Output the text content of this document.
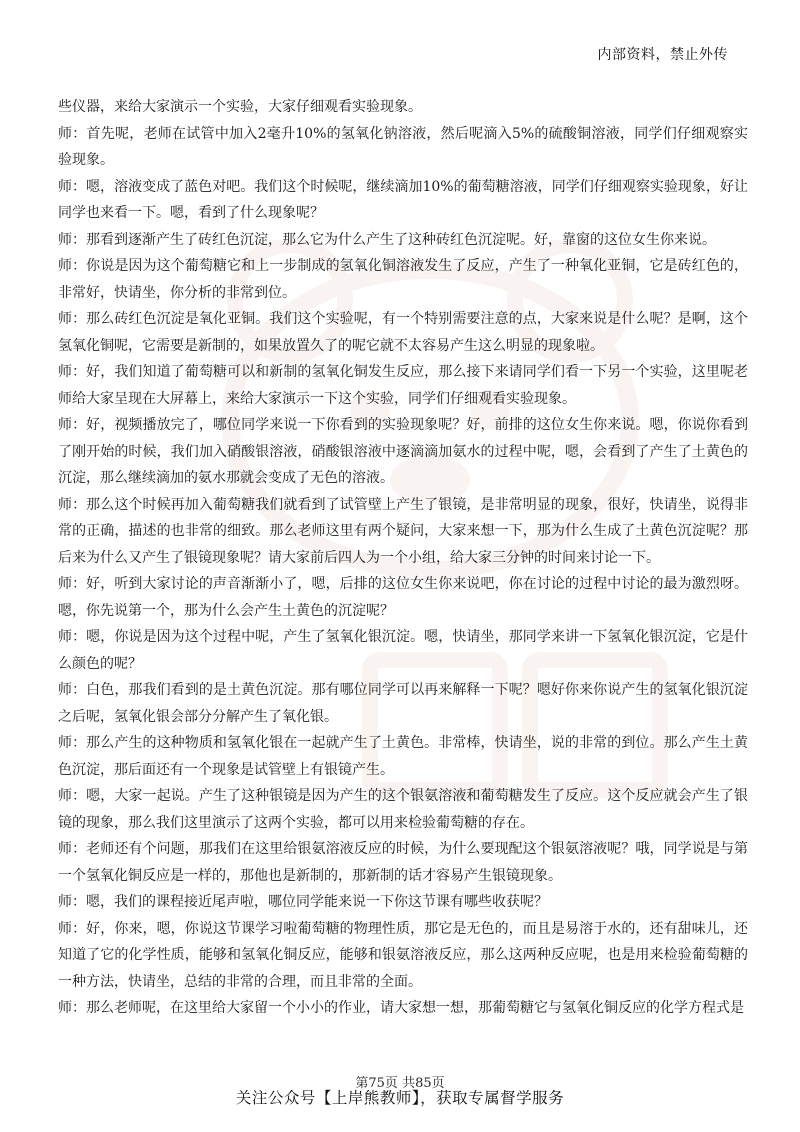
内部资料，禁止外传

些仪器，来给大家演示一个实验，大家仔细观看实验现象。

师：首先呢，老师在试管中加入2毫升10%的氢氧化钠溶液，然后呢滴入5%的硫酸铜溶液，同学们仔细观察实验现象。

师：嗯，溶液变成了蓝色对吧。我们这个时候呢，继续滴加10%的葡萄糖溶液，同学们仔细观察实验现象，好让同学也来看一下。嗯，看到了什么现象呢？

师：那看到逐渐产生了砖红色沉淀，那么它为什么产生了这种砖红色沉淀呢。好，靠窗的这位女生你来说。

师：你说是因为这个葡萄糖它和上一步制成的氢氧化铜溶液发生了反应，产生了一种氧化亚铜，它是砖红色的，非常好，快请坐，你分析的非常到位。

师：那么砖红色沉淀是氧化亚铜。我们这个实验呢，有一个特别需要注意的点，大家来说是什么呢？是啊，这个氢氧化铜呢，它需要是新制的，如果放置久了的呢它就不太容易产生这么明显的现象啦。

师：好，我们知道了葡萄糖可以和新制的氢氧化铜发生反应，那么接下来请同学们看一下另一个实验，这里呢老师给大家呈现在大屏幕上，来给大家演示一下这个实验，同学们仔细观看实验现象。

师：好，视频播放完了，哪位同学来说一下你看到的实验现象呢？好，前排的这位女生你来说。嗯，你说你看到了刚开始的时候，我们加入硝酸银溶液，硝酸银溶液中逐滴滴加氨水的过程中呢，嗯，会看到了产生了土黄色的沉淀，那么继续滴加的氨水那就会变成了无色的溶液。

师：那么这个时候再加入葡萄糖我们就看到了试管壁上产生了银镜，是非常明显的现象，很好，快请坐，说得非常的正确，描述的也非常的细致。那么老师这里有两个疑问，大家来想一下，那为什么生成了土黄色沉淀呢？那后来为什么又产生了银镜现象呢？请大家前后四人为一个小组，给大家三分钟的时间来讨论一下。

师：好，听到大家讨论的声音渐渐小了，嗯，后排的这位女生你来说吧，你在讨论的过程中讨论的最为激烈呀。嗯，你先说第一个，那为什么会产生土黄色的沉淀呢？

师：嗯，你说是因为这个过程中呢，产生了氢氧化银沉淀。嗯，快请坐，那同学来讲一下氢氧化银沉淀，它是什么颜色的呢？

师：白色，那我们看到的是土黄色沉淀。那有哪位同学可以再来解释一下呢？嗯好你来你说产生的氢氧化银沉淀之后呢，氢氧化银会部分分解产生了氧化银。

师：那么产生的这种物质和氢氧化银在一起就产生了土黄色。非常棒，快请坐，说的非常的到位。那么产生土黄色沉淀，那后面还有一个现象是试管壁上有银镜产生。

师：嗯，大家一起说。产生了这种银镜是因为产生的这个银氨溶液和葡萄糖发生了反应。这个反应就会产生了银镜的现象，那么我们这里演示了这两个实验，都可以用来检验葡萄糖的存在。

师：老师还有个问题，那我们在这里给银氨溶液反应的时候，为什么要现配这个银氨溶液呢？哦，同学说是与第一个氢氧化铜反应是一样的，那他也是新制的，那新制的话才容易产生银镜现象。

师：嗯，我们的课程接近尾声啦，哪位同学能来说一下你这节课有哪些收获呢？

师：好，你来，嗯，你说这节课学习啦葡萄糖的物理性质，那它是无色的，而且是易溶于水的，还有甜味儿，还知道了它的化学性质，能够和氢氧化铜反应，能够和银氨溶液反应，那么这两种反应呢，也是用来检验葡萄糖的一种方法，快请坐，总结的非常的合理，而且非常的全面。

师：那么老师呢，在这里给大家留一个小小的作业，请大家想一想，那葡萄糖它与氢氧化铜反应的化学方程式是

第75页 共85页
关注公众号【上岸熊教师】，获取专属督学服务
